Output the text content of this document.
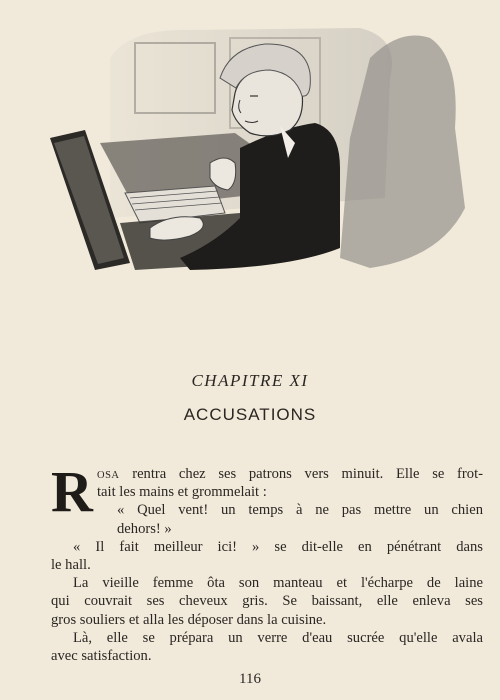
CHAPITRE XI
ACCUSATIONS
R OSA rentra chez ses patrons vers minuit. Elle se frot-
tait les mains et grommelait :
« Quel vent! un temps à ne pas mettre un chien
dehors! »
« Il fait meilleur ici! » se dit-elle en pénétrant dans
le hall.
La vieille femme ôta son manteau et l'écharpe de laine
qui couvrait ses cheveux gris. Se baissant, elle enleva ses
gros souliers et alla les déposer dans la cuisine.
Là, elle se prépara un verre d'eau sucrée qu'elle avala
avec satisfaction.
116
